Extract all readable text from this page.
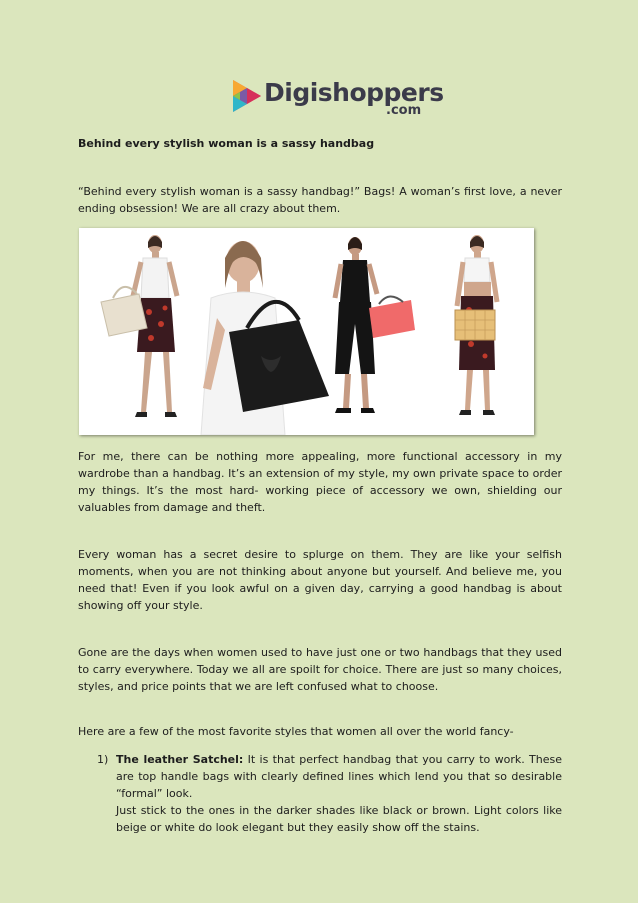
Digishoppers
.com
Behind every stylish woman is a sassy handbag
“Behind every stylish woman is a sassy handbag!” Bags! A woman’s first love, a never ending obsession! We are all crazy about them.
For me, there can be nothing more appealing, more functional accessory in my wardrobe than a handbag. It’s an extension of my style, my own private space to order my things. It’s the most hard- working piece of accessory we own, shielding our valuables from damage and theft.
Every woman has a secret desire to splurge on them. They are like your selfish moments, when you are not thinking about anyone but yourself. And believe me, you need that! Even if you look awful on a given day, carrying a good handbag is about showing off your style.
Gone are the days when women used to have just one or two handbags that they used to carry everywhere. Today we all are spoilt for choice. There are just so many choices, styles, and price points that we are left confused what to choose.
Here are a few of the most favorite styles that women all over the world fancy-
1) The leather Satchel: It is that perfect handbag that you carry to work. These are top handle bags with clearly defined lines which lend you that so desirable “formal” look.
Just stick to the ones in the darker shades like black or brown. Light colors like beige or white do look elegant but they easily show off the stains.
